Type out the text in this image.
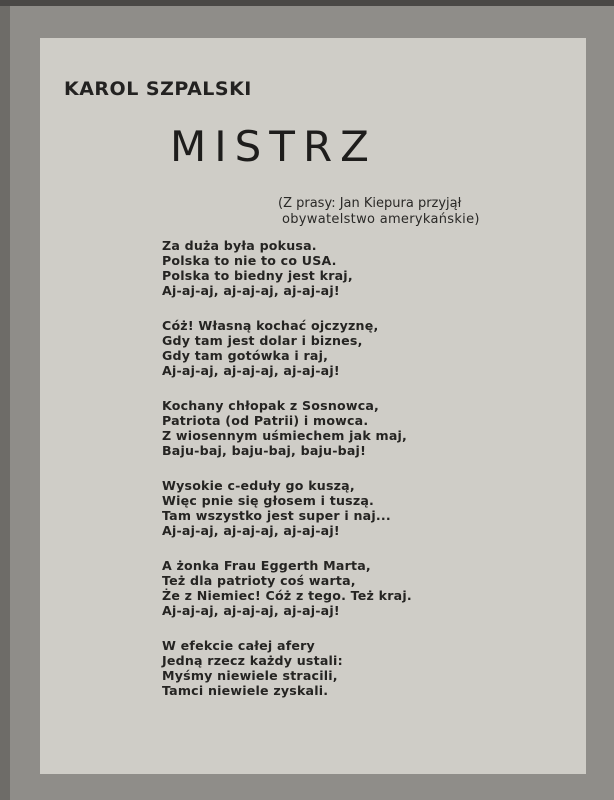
KAROL SZPALSKI
MISTRZ
(Z prasy: Jan Kiepura przyjął
obywatelstwo amerykańskie)
Za duża była pokusa.
Polska to nie to co USA.
Polska to biedny jest kraj,
Aj-aj-aj, aj-aj-aj, aj-aj-aj!
Cóż! Własną kochać ojczyznę,
Gdy tam jest dolar i biznes,
Gdy tam gotówka i raj,
Aj-aj-aj, aj-aj-aj, aj-aj-aj!
Kochany chłopak z Sosnowca,
Patriota (od Patrii) i mowca.
Z wiosennym uśmiechem jak maj,
Baju-baj, baju-baj, baju-baj!
Wysokie c-eduły go kuszą,
Więc pnie się głosem i tuszą.
Tam wszystko jest super i naj...
Aj-aj-aj, aj-aj-aj, aj-aj-aj!
A żonka Frau Eggerth Marta,
Też dla patrioty coś warta,
Że z Niemiec! Cóż z tego. Też kraj.
Aj-aj-aj, aj-aj-aj, aj-aj-aj!
W efekcie całej afery
Jedną rzecz każdy ustali:
Myśmy niewiele stracili,
Tamci niewiele zyskali.
